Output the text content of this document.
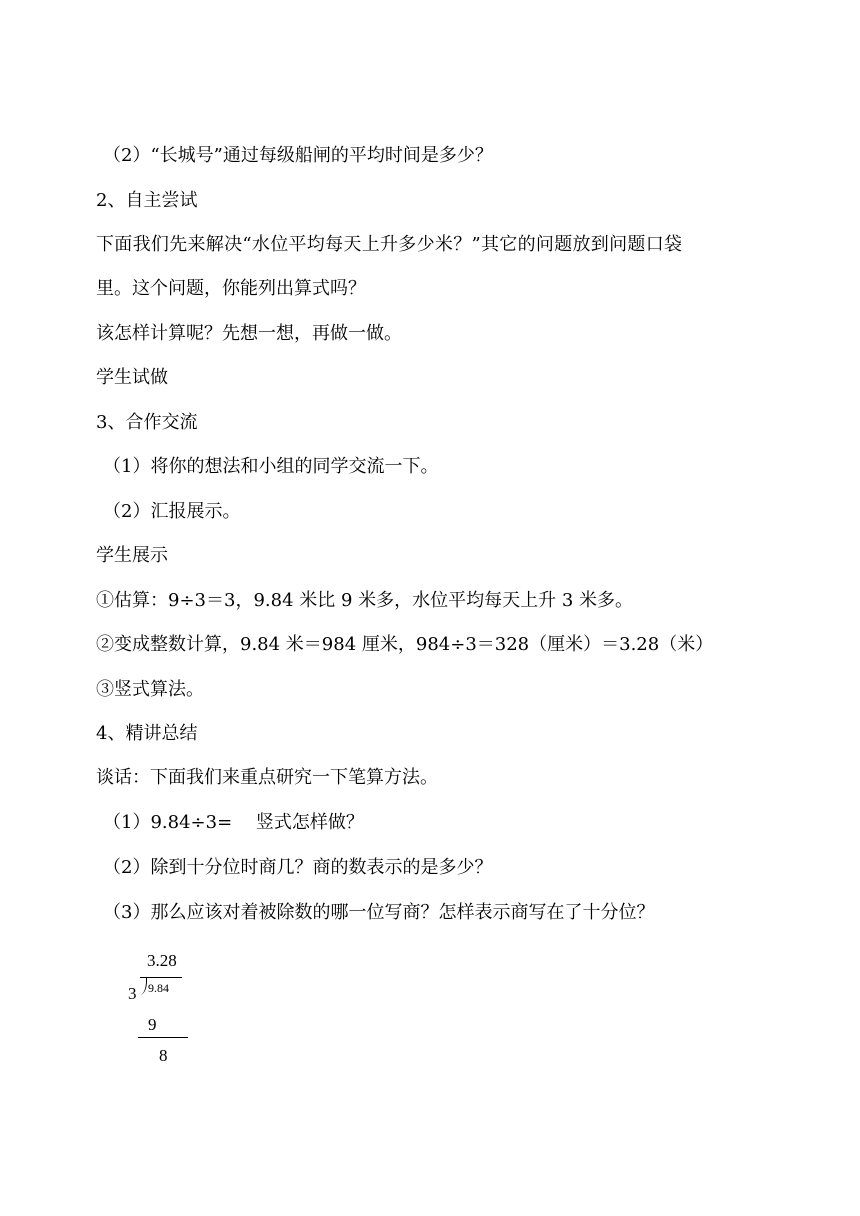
（2）“长城号”通过每级船闸的平均时间是多少？
2、自主尝试
下面我们先来解决“水位平均每天上升多少米？”其它的问题放到问题口袋
里。这个问题，你能列出算式吗？
该怎样计算呢？先想一想，再做一做。
学生试做
3、合作交流
（1）将你的想法和小组的同学交流一下。
（2）汇报展示。
学生展示
①估算：9÷3＝3，9.84 米比 9 米多，水位平均每天上升 3 米多。
②变成整数计算，9.84 米＝984 厘米，984÷3＝328（厘米）＝3.28（米）
③竖式算法。
4、精讲总结
谈话：下面我们来重点研究一下笔算方法。
（1）9.84÷3=　 竖式怎样做？
（2）除到十分位时商几？商的数表示的是多少？
（3）那么应该对着被除数的哪一位写商？怎样表示商写在了十分位？
3.28
3 9.84
9
8
